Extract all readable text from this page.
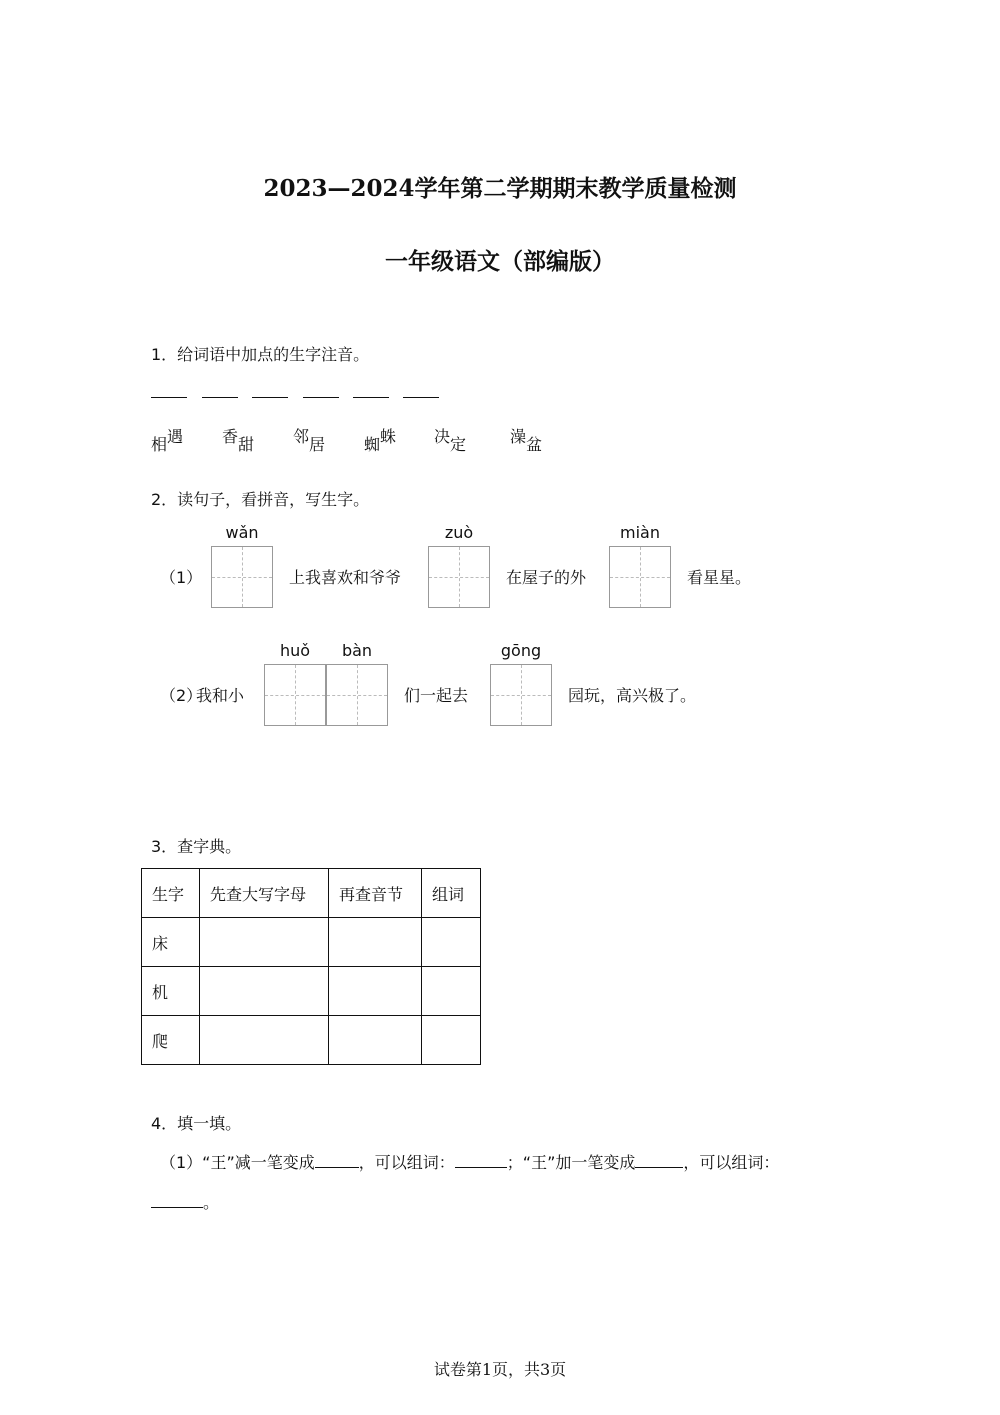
2023—2024学年第二学期期末教学质量检测
一年级语文（部编版）
1．给词语中加点的生字注音。
相遇 香甜 邻居 蜘蛛 决定	澡盆
2．读句子，看拼音，写生字。
（1）
wǎn
上我喜欢和爷爷
zuò
在屋子的外
miàn
看星星。
（2）
我和小
huǒ	bàn
们一起去
gōng
园玩，高兴极了。
3．查字典。
生字	先查大写字母	再查音节	组词
床			
机			
爬			
4．填一填。
（1）“王”减一笔变成	，可以组词：	；“王”加一笔变成	，可以组词：
。
试卷第1页，共3页
